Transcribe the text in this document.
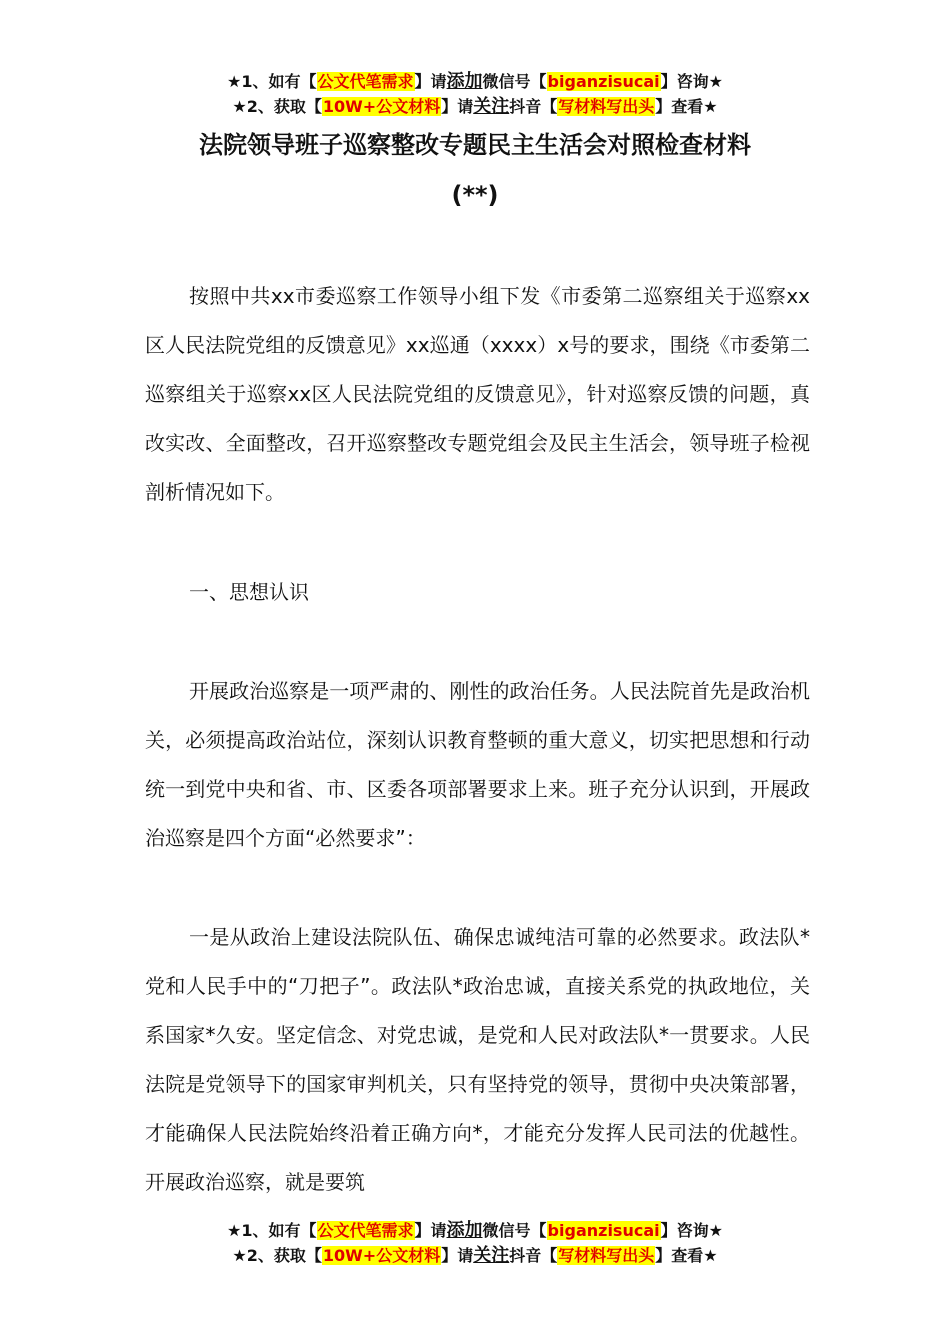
★1、如有【公文代笔需求】请添加微信号【biganzisucai】咨询★
★2、获取【10W+公文材料】请关注抖音【写材料写出头】查看★
法院领导班子巡察整改专题民主生活会对照检查材料
(**)

按照中共xx市委巡察工作领导小组下发《市委第二巡察组关于巡察xx区人民法院党组的反馈意见》xx巡通（xxxx）x号的要求，围绕《市委第二巡察组关于巡察xx区人民法院党组的反馈意见》，针对巡察反馈的问题，真改实改、全面整改，召开巡察整改专题党组会及民主生活会，领导班子检视剖析情况如下。

一、思想认识

开展政治巡察是一项严肃的、刚性的政治任务。人民法院首先是政治机关，必须提高政治站位，深刻认识教育整顿的重大意义，切实把思想和行动统一到党中央和省、市、区委各项部署要求上来。班子充分认识到，开展政治巡察是四个方面“必然要求”：

一是从政治上建设法院队伍、确保忠诚纯洁可靠的必然要求。政法队*党和人民手中的“刀把子”。政法队*政治忠诚，直接关系党的执政地位，关系国家*久安。坚定信念、对党忠诚，是党和人民对政法队*一贯要求。人民法院是党领导下的国家审判机关，只有坚持党的领导，贯彻中央决策部署，才能确保人民法院始终沿着正确方向*，才能充分发挥人民司法的优越性。开展政治巡察，就是要筑

★1、如有【公文代笔需求】请添加微信号【biganzisucai】咨询★
★2、获取【10W+公文材料】请关注抖音【写材料写出头】查看★
